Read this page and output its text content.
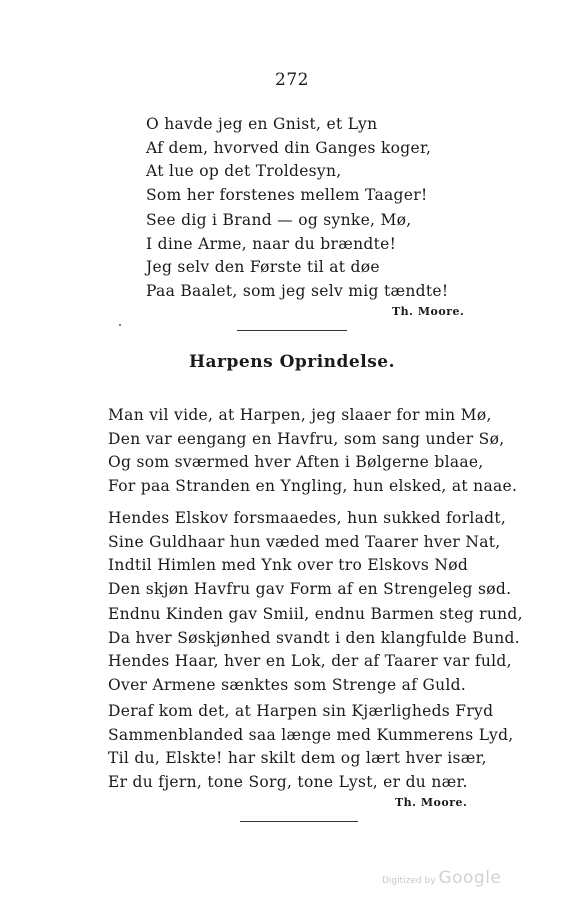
272
O havde jeg en Gnist, et Lyn
Af dem, hvorved din Ganges koger,
At lue op det Troldesyn,
Som her forstenes mellem Taager!
See dig i Brand — og synke, Mø,
I dine Arme, naar du brændte!
Jeg selv den Første til at døe
Paa Baalet, som jeg selv mig tændte!
Th. Moore.
Harpens Oprindelse.
Man vil vide, at Harpen, jeg slaaer for min Mø,
Den var eengang en Havfru, som sang under Sø,
Og som sværmed hver Aften i Bølgerne blaae,
For paa Stranden en Yngling, hun elsked, at naae.
Hendes Elskov forsmaaedes, hun sukked forladt,
Sine Guldhaar hun væded med Taarer hver Nat,
Indtil Himlen med Ynk over tro Elskovs Nød
Den skjøn Havfru gav Form af en Strengeleg sød.
Endnu Kinden gav Smiil, endnu Barmen steg rund,
Da hver Søskjønhed svandt i den klangfulde Bund.
Hendes Haar, hver en Lok, der af Taarer var fuld,
Over Armene sænktes som Strenge af Guld.
Deraf kom det, at Harpen sin Kjærligheds Fryd
Sammenblanded saa længe med Kummerens Lyd,
Til du, Elskte! har skilt dem og lært hver især,
Er du fjern, tone Sorg, tone Lyst, er du nær.
Th. Moore.
Digitized by Google
